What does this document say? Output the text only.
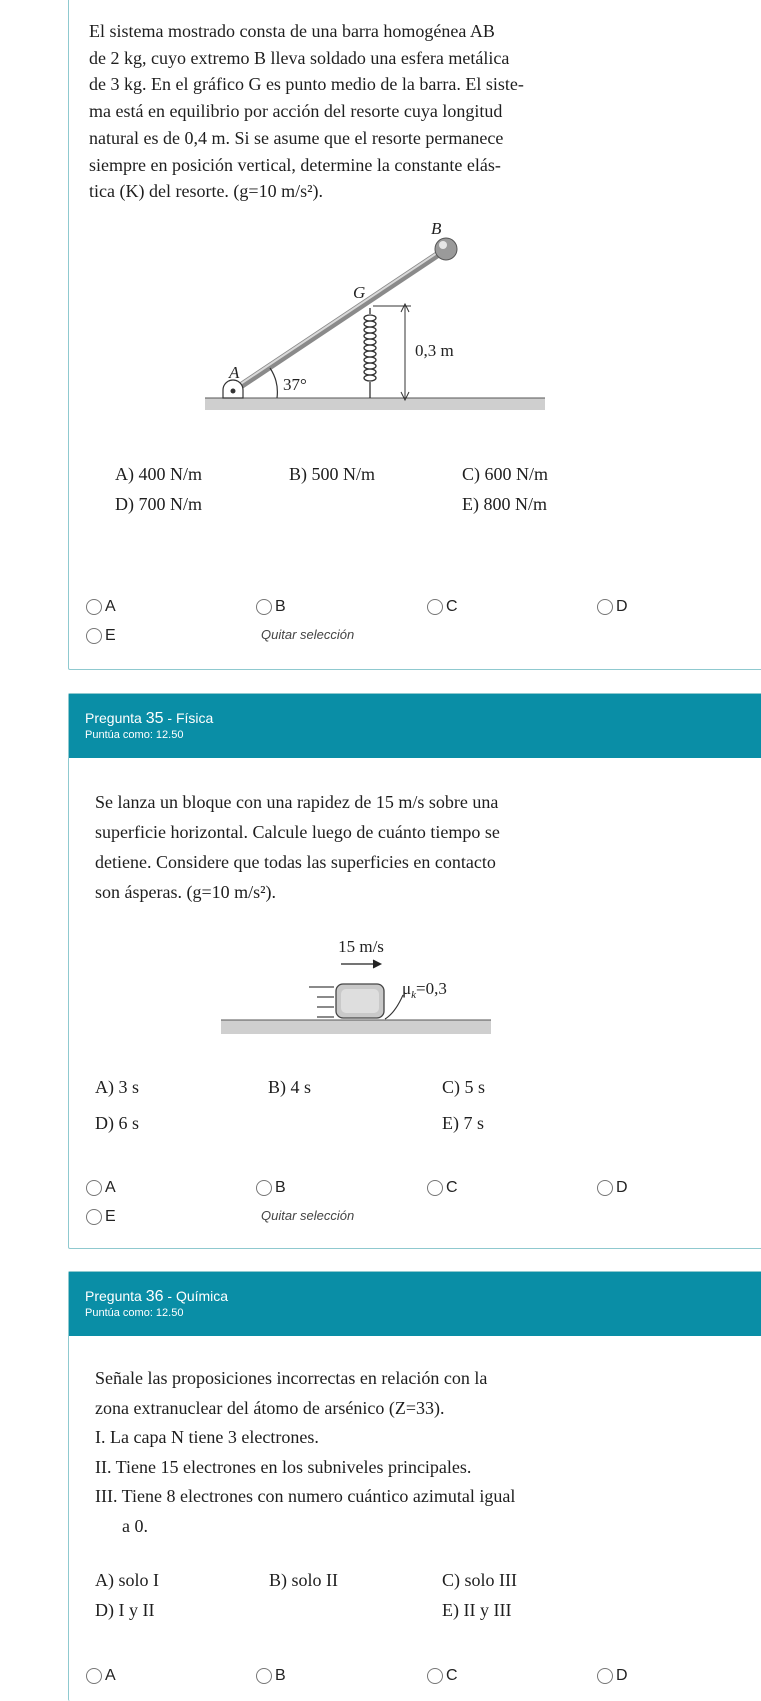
El sistema mostrado consta de una barra homogénea AB

de 2 kg, cuyo extremo B lleva soldado una esfera metálica

de 3 kg. En el gráfico G es punto medio de la barra. El siste-

ma está en equilibrio por acción del resorte cuya longitud

natural es de 0,4 m. Si se asume que el resorte permanece

siempre en posición vertical, determine la constante elás-

tica (K) del resorte. (g=10 m/s²).

B
G
A
37°
0,3 m
A) 400 N/m	B) 500 N/m	C) 600 N/m
D) 700 N/m	E) 800 N/m
A	B	C	D
E	Quitar selección
Pregunta 35 - Física
Puntúa como: 12.50

Se lanza un bloque con una rapidez de 15 m/s sobre una

superficie horizontal. Calcule luego de cuánto tiempo se

detiene. Considere que todas las superficies en contacto

son ásperas. (g=10 m/s²).

15 m/s
$\mu_k=0,3$
A) 3 s	B) 4 s	C) 5 s
D) 6 s	E) 7 s
A	B	C	D
E	Quitar selección
Pregunta 36 - Química
Puntúa como: 12.50

Señale las proposiciones incorrectas en relación con la

zona extranuclear del átomo de arsénico (Z=33).

I. La capa N tiene 3 electrones.

II. Tiene 15 electrones en los subniveles principales.

III. Tiene 8 electrones con numero cuántico azimutal igual

a 0.

A) solo I	B) solo II	C) solo III
D) I y II	E) II y III
A	B	C	D
